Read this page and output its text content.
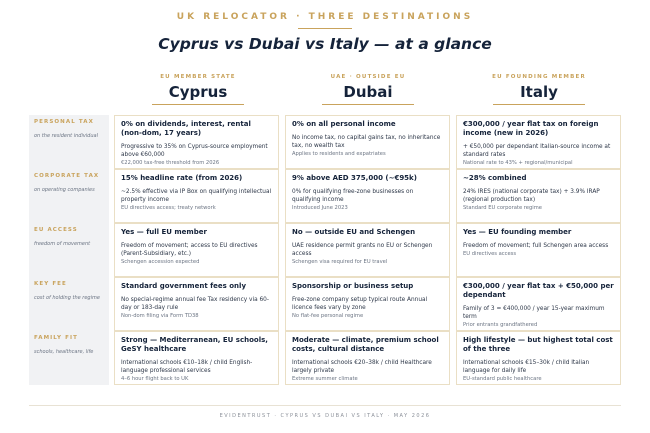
UK RELOCATOR · THREE DESTINATIONS
Cyprus vs Dubai vs Italy — at a glance
EU MEMBER STATE
Cyprus
UAE · OUTSIDE EU
Dubai
EU FOUNDING MEMBER
Italy
PERSONAL TAX
on the resident individual
CORPORATE TAX
on operating companies
EU ACCESS
freedom of movement
KEY FEE
cost of holding the regime
FAMILY FIT
schools, healthcare, life
0% on dividends, interest, rental (non-dom, 17 years)
Progressive to 35% on Cyprus-source employment above €60,000
€22,000 tax-free threshold from 2026
0% on all personal income
No income tax, no capital gains tax, no inheritance tax, no wealth tax
Applies to residents and expatriates
€300,000 / year flat tax on foreign income (new in 2026)
+ €50,000 per dependant Italian-source income at standard rates
National rate to 43% + regional/municipal
15% headline rate (from 2026)
~2.5% effective via IP Box on qualifying intellectual property income
EU directives access; treaty network
9% above AED 375,000 (~€95k)
0% for qualifying free-zone businesses on qualifying income
Introduced June 2023
~28% combined
24% IRES (national corporate tax) + 3.9% IRAP (regional production tax)
Standard EU corporate regime
Yes — full EU member
Freedom of movement; access to EU directives (Parent-Subsidiary, etc.)
Schengen accession expected
No — outside EU and Schengen
UAE residence permit grants no EU or Schengen access
Schengen visa required for EU travel
Yes — EU founding member
Freedom of movement; full Schengen area access
EU directives access
Standard government fees only
No special-regime annual fee Tax residency via 60-day or 183-day rule
Non-dom filing via Form TD38
Sponsorship or business setup
Free-zone company setup typical route Annual licence fees vary by zone
No flat-fee personal regime
€300,000 / year flat tax + €50,000 per dependant
Family of 3 = €400,000 / year 15-year maximum term
Prior entrants grandfathered
Strong — Mediterranean, EU schools, GeSY healthcare
International schools €10–18k / child English-language professional services
4–6 hour flight back to UK
Moderate — climate, premium school costs, cultural distance
International schools €20–38k / child Healthcare largely private
Extreme summer climate
High lifestyle — but highest total cost of the three
International schools €15–30k / child Italian language for daily life
EU-standard public healthcare
EVIDENTRUST · CYPRUS VS DUBAI VS ITALY · MAY 2026
